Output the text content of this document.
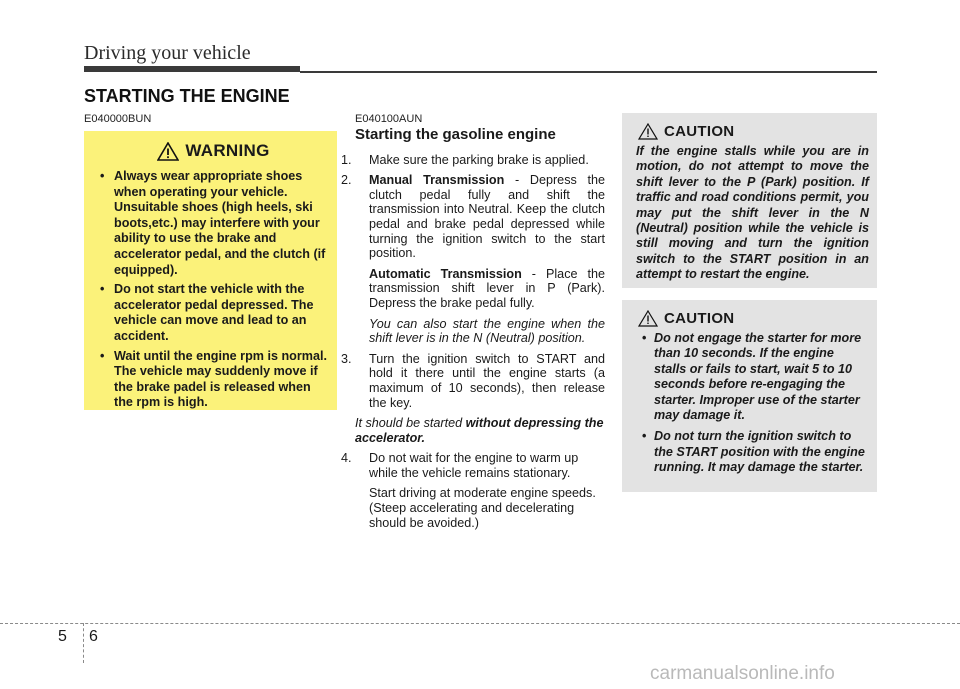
Driving your vehicle
STARTING THE ENGINE
E040000BUN	E040100AUN
WARNING
• Always wear appropriate shoes when operating your vehicle. Unsuitable shoes (high heels, ski boots,etc.) may interfere with your ability to use the brake and accelerator pedal, and the clutch (if equipped).
• Do not start the vehicle with the accelerator pedal depressed. The vehicle can move and lead to an accident.
• Wait until the engine rpm is normal. The vehicle may suddenly move if the brake padel is released when the rpm is high.
Starting the gasoline engine
1. Make sure the parking brake is applied.
2. Manual Transmission - Depress the clutch pedal fully and shift the transmission into Neutral. Keep the clutch pedal and brake pedal depressed while turning the ignition switch to the start position.
Automatic Transmission - Place the transmission shift lever in P (Park). Depress the brake pedal fully.
You can also start the engine when the shift lever is in the N (Neutral) position.
3. Turn the ignition switch to START and hold it there until the engine starts (a maximum of 10 seconds), then release the key.
It should be started without depressing the accelerator.
4. Do not wait for the engine to warm up while the vehicle remains stationary.
Start driving at moderate engine speeds. (Steep accelerating and decelerating should be avoided.)
CAUTION
If the engine stalls while you are in motion, do not attempt to move the shift lever to the P (Park) position. If traffic and road conditions permit, you may put the shift lever in the N (Neutral) position while the vehicle is still moving and turn the ignition switch to the START position in an attempt to restart the engine.
CAUTION
• Do not engage the starter for more than 10 seconds. If the engine stalls or fails to start, wait 5 to 10 seconds before re-engaging the starter. Improper use of the starter may damage it.
• Do not turn the ignition switch to the START position with the engine running. It may damage the starter.
5 6
carmanualsonline.info
